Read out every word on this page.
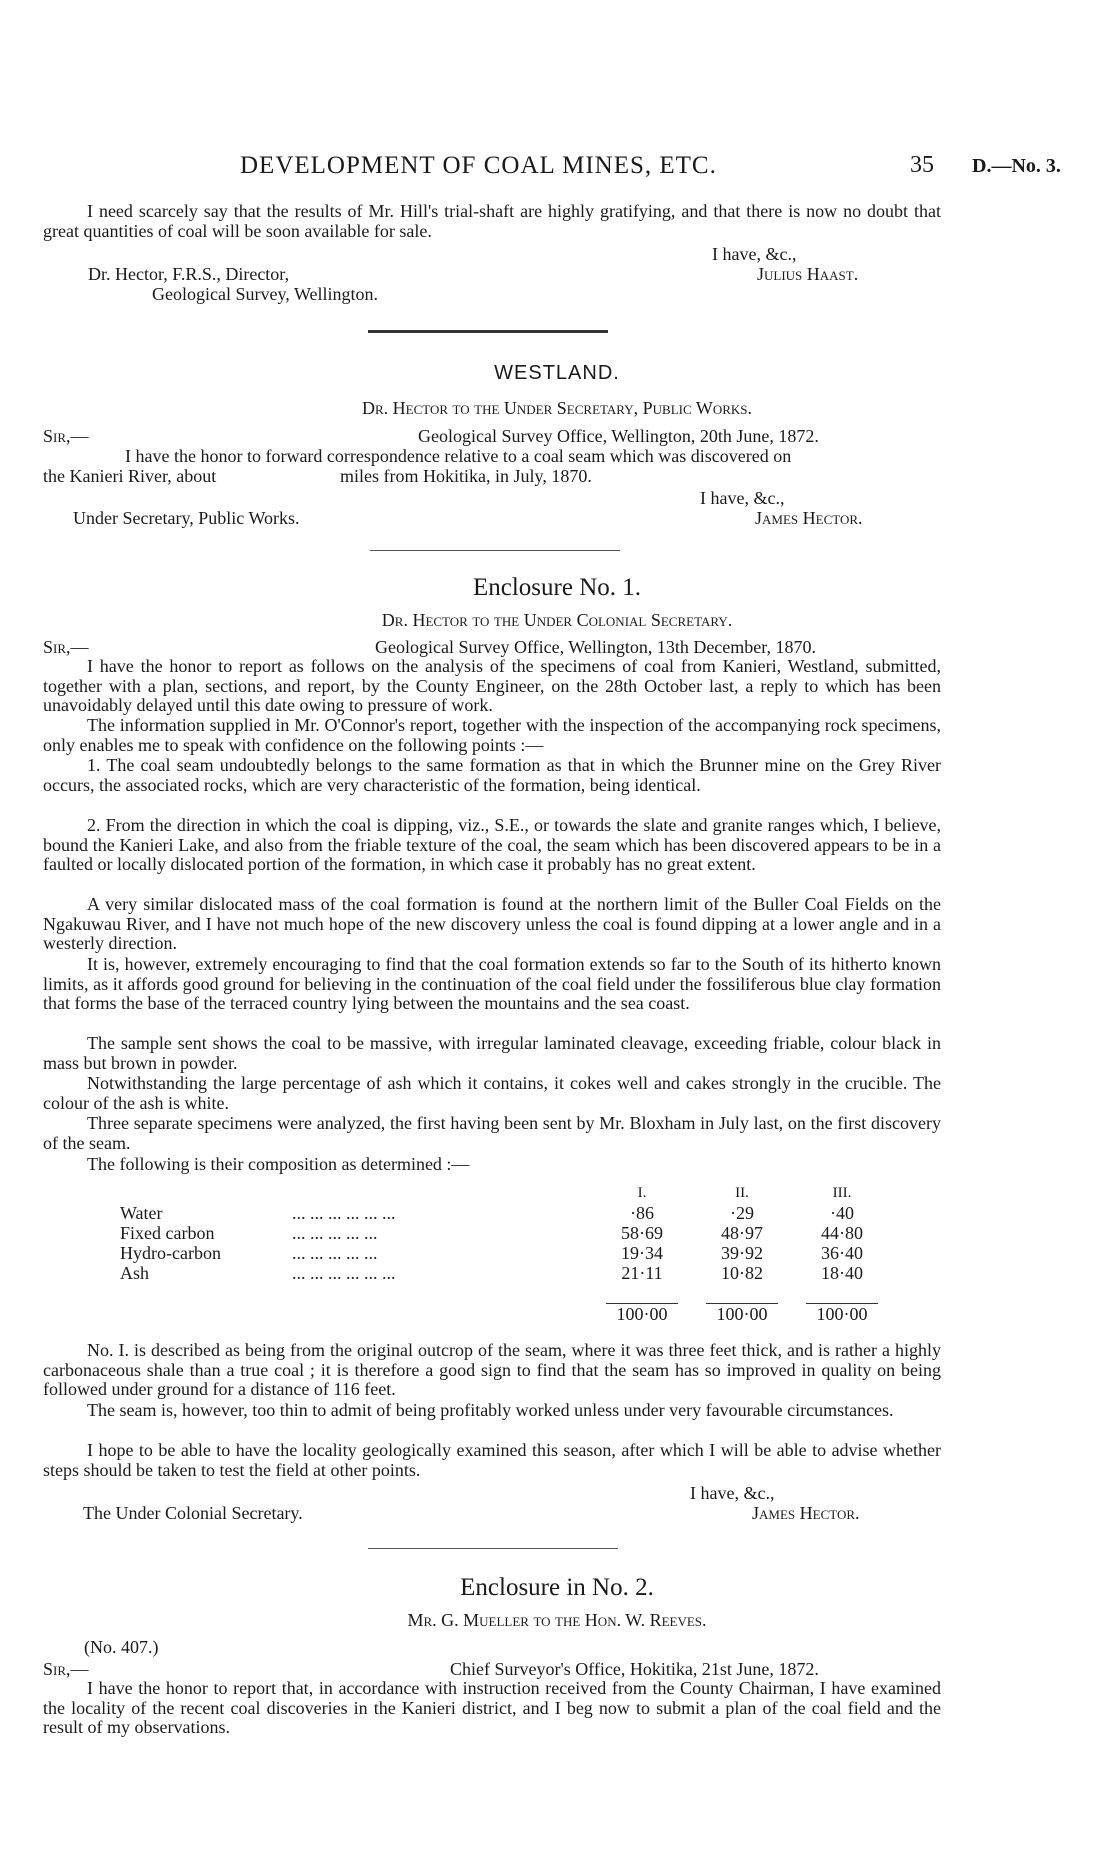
DEVELOPMENT OF COAL MINES, ETC.	35 D.—No. 3.
I need scarcely say that the results of Mr. Hill's trial-shaft are highly gratifying, and that there is now no doubt that great quantities of coal will be soon available for sale.
I have, &c.,
Dr. Hector, F.R.S., Director,	Julius Haast.
Geological Survey, Wellington.
WESTLAND.
Dr. Hector to the Under Secretary, Public Works.
Sir,—	Geological Survey Office, Wellington, 20th June, 1872.
I have the honor to forward correspondence relative to a coal seam which was discovered on
the Kanieri River, about	miles from Hokitika, in July, 1870.
I have, &c.,
Under Secretary, Public Works.	James Hector.
Enclosure No. 1.
Dr. Hector to the Under Colonial Secretary.
Sir,—	Geological Survey Office, Wellington, 13th December, 1870.
I have the honor to report as follows on the analysis of the specimens of coal from Kanieri, Westland, submitted, together with a plan, sections, and report, by the County Engineer, on the 28th October last, a reply to which has been unavoidably delayed until this date owing to pressure of work.
The information supplied in Mr. O'Connor's report, together with the inspection of the accompanying rock specimens, only enables me to speak with confidence on the following points :—
1. The coal seam undoubtedly belongs to the same formation as that in which the Brunner mine on the Grey River occurs, the associated rocks, which are very characteristic of the formation, being identical.
2. From the direction in which the coal is dipping, viz., S.E., or towards the slate and granite ranges which, I believe, bound the Kanieri Lake, and also from the friable texture of the coal, the seam which has been discovered appears to be in a faulted or locally dislocated portion of the formation, in which case it probably has no great extent.
A very similar dislocated mass of the coal formation is found at the northern limit of the Buller Coal Fields on the Ngakuwau River, and I have not much hope of the new discovery unless the coal is found dipping at a lower angle and in a westerly direction.
It is, however, extremely encouraging to find that the coal formation extends so far to the South of its hitherto known limits, as it affords good ground for believing in the continuation of the coal field under the fossiliferous blue clay formation that forms the base of the terraced country lying between the mountains and the sea coast.
The sample sent shows the coal to be massive, with irregular laminated cleavage, exceeding friable, colour black in mass but brown in powder.
Notwithstanding the large percentage of ash which it contains, it cokes well and cakes strongly in the crucible. The colour of the ash is white.
Three separate specimens were analyzed, the first having been sent by Mr. Bloxham in July last, on the first discovery of the seam.
The following is their composition as determined :—
		I.	II.	III.
Water	... ... ... ... ... ...	·86	·29	·40
Fixed carbon	... ... ... ... ...	58·69	48·97	44·80
Hydro-carbon	... ... ... ... ...	19·34	39·92	36·40
Ash	... ... ... ... ... ...	21·11	10·82	18·40

		100·00	100·00	100·00
No. I. is described as being from the original outcrop of the seam, where it was three feet thick, and is rather a highly carbonaceous shale than a true coal ; it is therefore a good sign to find that the seam has so improved in quality on being followed under ground for a distance of 116 feet.
The seam is, however, too thin to admit of being profitably worked unless under very favourable circumstances.
I hope to be able to have the locality geologically examined this season, after which I will be able to advise whether steps should be taken to test the field at other points.
I have, &c.,
The Under Colonial Secretary.	James Hector.
Enclosure in No. 2.
Mr. G. Mueller to the Hon. W. Reeves.
(No. 407.)
Sir,—	Chief Surveyor's Office, Hokitika, 21st June, 1872.
I have the honor to report that, in accordance with instruction received from the County Chairman, I have examined the locality of the recent coal discoveries in the Kanieri district, and I beg now to submit a plan of the coal field and the result of my observations.
